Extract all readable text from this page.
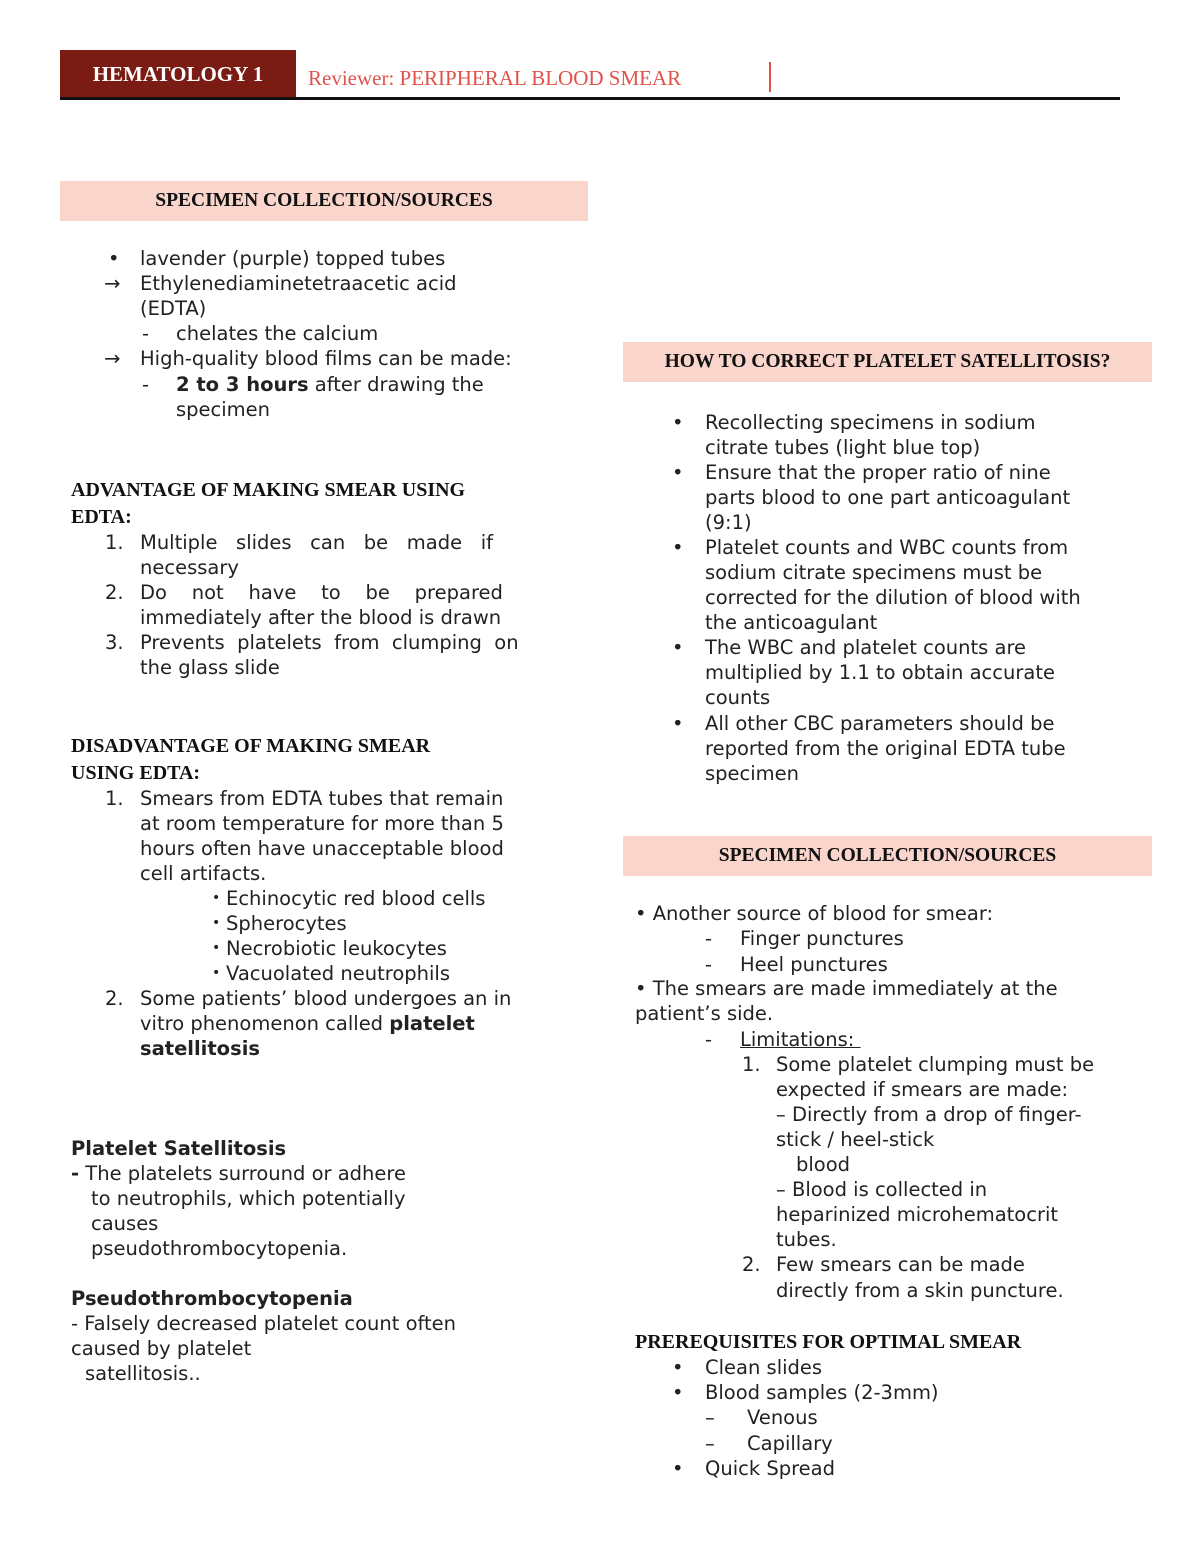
HEMATOLOGY 1	Reviewer: PERIPHERAL BLOOD SMEAR
SPECIMEN COLLECTION/SOURCES
• lavender (purple) topped tubes
→ Ethylenediaminetetraacetic acid
(EDTA)
- chelates the calcium
→ High-quality blood films can be made:
- 2 to 3 hours after drawing the
specimen
ADVANTAGE OF MAKING SMEAR USING
EDTA:
1. Multiple   slides   can   be   made   if
necessary
2. Do    not    have    to    be    prepared
immediately after the blood is drawn
3. Prevents  platelets  from  clumping  on
the glass slide
DISADVANTAGE OF MAKING SMEAR
USING EDTA:
1. Smears from EDTA tubes that remain
at room temperature for more than 5
hours often have unacceptable blood
cell artifacts.
• Echinocytic red blood cells
• Spherocytes
• Necrobiotic leukocytes
• Vacuolated neutrophils
2. Some patients’ blood undergoes an in
vitro phenomenon called platelet
satellitosis
Platelet Satellitosis
- The platelets surround or adhere
to neutrophils, which potentially
causes
pseudothrombocytopenia.
Pseudothrombocytopenia
- Falsely decreased platelet count often
caused by platelet
satellitosis..
HOW TO CORRECT PLATELET SATELLITOSIS?
• Recollecting specimens in sodium
citrate tubes (light blue top)
• Ensure that the proper ratio of nine
parts blood to one part anticoagulant
(9:1)
• Platelet counts and WBC counts from
sodium citrate specimens must be
corrected for the dilution of blood with
the anticoagulant
• The WBC and platelet counts are
multiplied by 1.1 to obtain accurate
counts
• All other CBC parameters should be
reported from the original EDTA tube
specimen
SPECIMEN COLLECTION/SOURCES
• Another source of blood for smear:
- Finger punctures
- Heel punctures
• The smears are made immediately at the
patient’s side.
- Limitations:
1. Some platelet clumping must be
expected if smears are made:
– Directly from a drop of finger-
stick / heel-stick
blood
– Blood is collected in
heparinized microhematocrit
tubes.
2. Few smears can be made
directly from a skin puncture.
PREREQUISITES FOR OPTIMAL SMEAR
• Clean slides
• Blood samples (2-3mm)
– Venous
– Capillary
• Quick Spread
